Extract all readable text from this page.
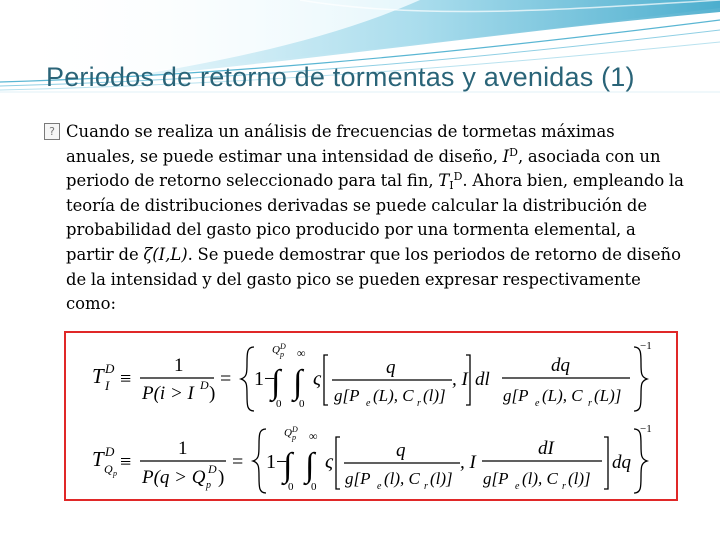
Periodos de retorno de tormentas y avenidas (1)
? Cuando se realiza un análisis de frecuencias de tormetas máximas anuales, se puede estimar una intensidad de diseño, $I^D$, asociada con un periodo de retorno seleccionado para tal fin, $T_I^D$. Ahora bien, empleando la teoría de distribuciones derivadas se puede calcular la distribución de probabilidad del gasto pico producido por una tormenta elemental, a partir de ζ(I,L). Se puede demostrar que los periodos de retorno de diseño de la intensidad y del gasto pico se pueden expresar respectivamente como:

T I
D ≡
1
P(i > I D )
= 1−
Q p
D
∫
0
∞
∫
0
ς
q
g[P e (L), C r (l)]
, I dl
dq
g[P e (L), C r (L)]
−1
T Q p
D ≡
1
P(q > Q p
D )
= 1−
Q p
D
∫
0
∞
∫
0
ς
q
g[P e (l), C r (l)]
, I
dI
g[P e (l), C r (l)]
dq
−1
